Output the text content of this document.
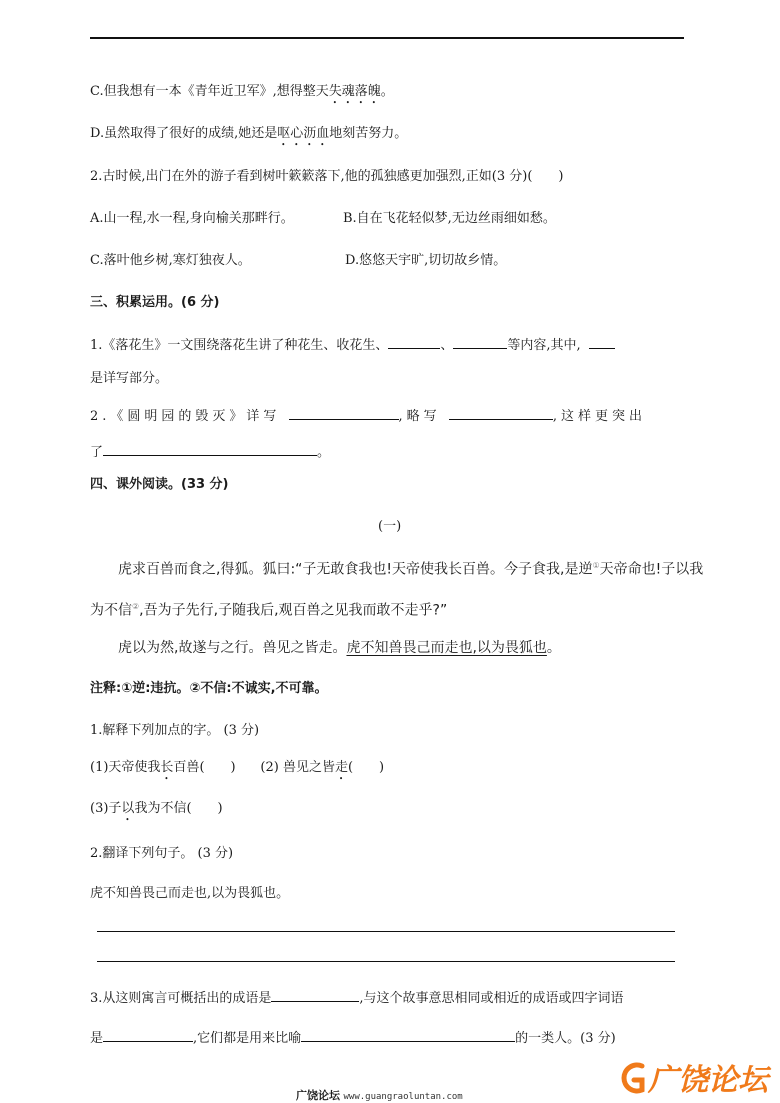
C.但我想有一本《青年近卫军》,想得整天失魂落魄。
D.虽然取得了很好的成绩,她还是呕心沥血地刻苦努力。
2.古时候,出门在外的游子看到树叶簌簌落下,他的孤独感更加强烈,正如(3 分)(　　)
A.山一程,水一程,身向榆关那畔行。	B.自在飞花轻似梦,无边丝雨细如愁。
C.落叶他乡树,寒灯独夜人。	D.悠悠天宇旷,切切故乡情。
三、积累运用。(6 分)
1.《落花生》一文围绕落花生讲了种花生、收花生、	、	等内容,其中,
是详写部分。
2.《圆明园的毁灭》详写	,略写	,这样更突出
了	。
四、课外阅读。(33 分)
(一)
虎求百兽而食之,得狐。狐曰:“子无敢食我也!天帝使我长百兽。今子食我,是逆①天帝命也!子以我
为不信②,吾为子先行,子随我后,观百兽之见我而敢不走乎?”
虎以为然,故遂与之行。兽见之皆走。虎不知兽畏己而走也,以为畏狐也。
注释:①逆:违抗。②不信:不诚实,不可靠。
1.解释下列加点的字。 (3 分)
(1)天帝使我长百兽(　　) (2) 兽见之皆走(　　)
(3)子以我为不信(　　)
2.翻译下列句子。 (3 分)
虎不知兽畏己而走也,以为畏狐也。
3.从这则寓言可概括出的成语是	,与这个故事意思相同或相近的成语或四字词语
是	,它们都是用来比喻	的一类人。(3 分)
广饶论坛 www.guangraoluntan.com	广饶论坛
